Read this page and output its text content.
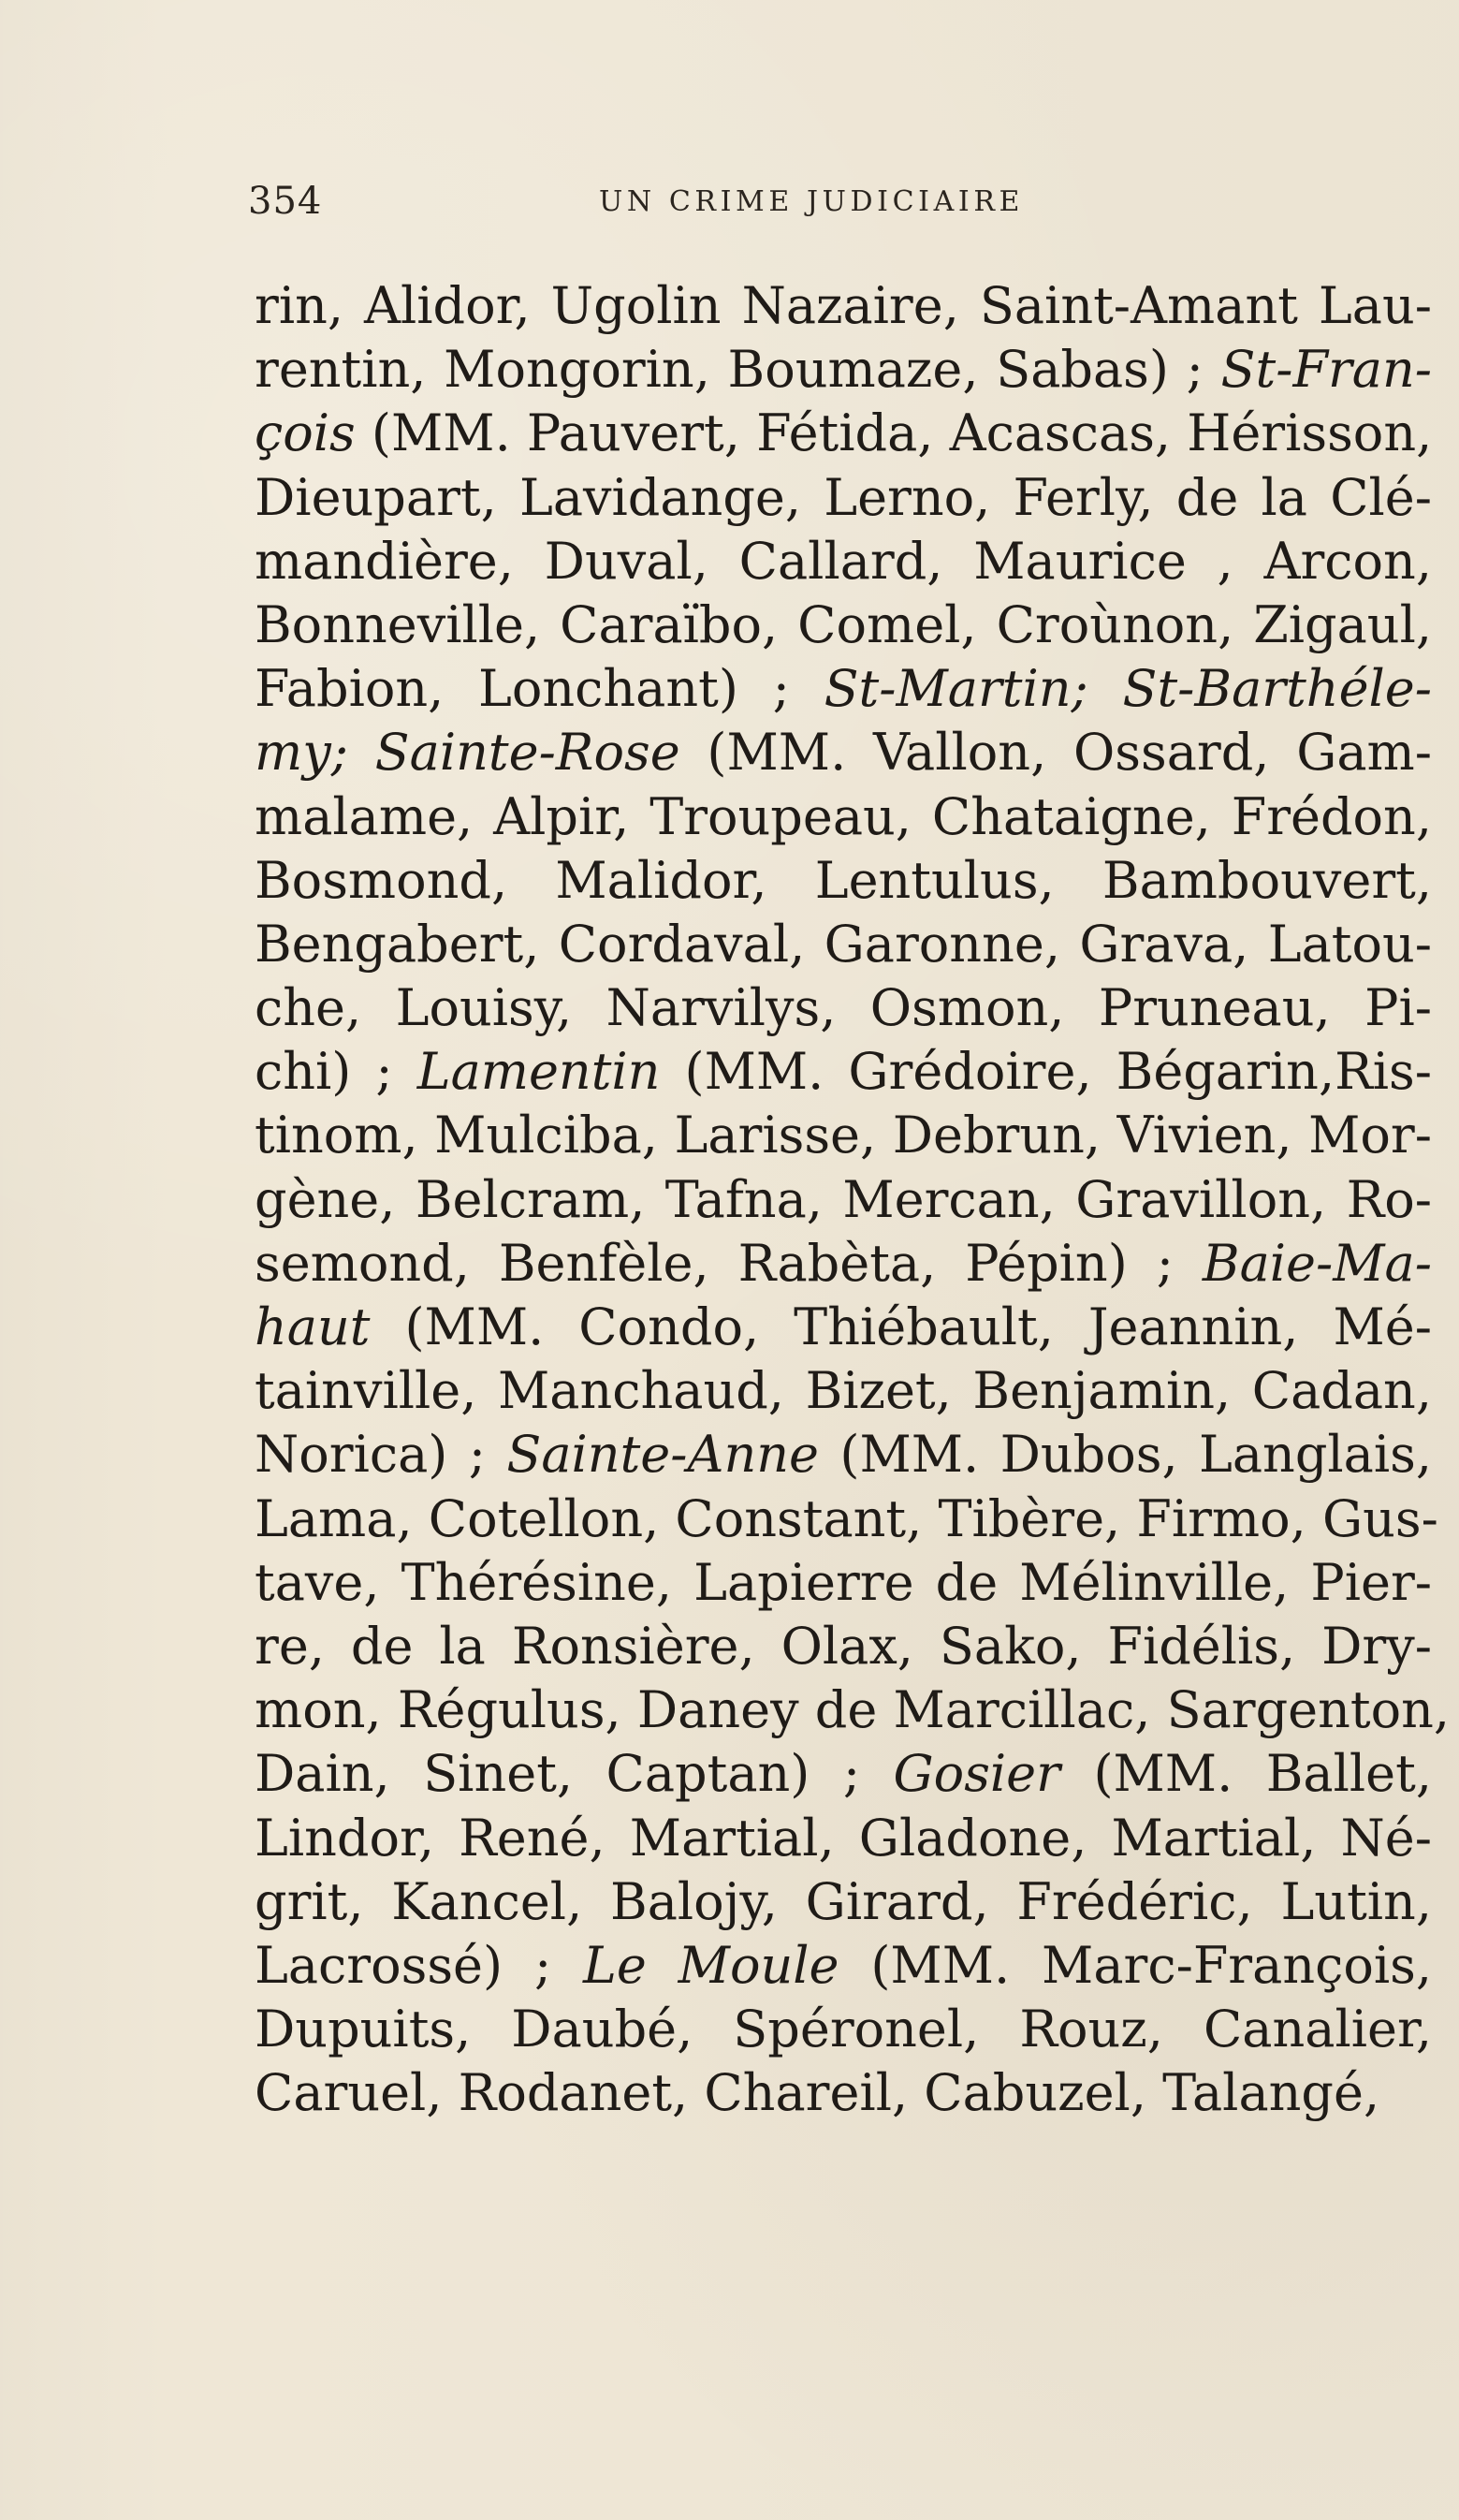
354	UN CRIME JUDICIAIRE
rin, Alidor, Ugolin Nazaire, Saint-Amant Lau-
rentin, Mongorin, Boumaze, Sabas) ; St-Fran-
çois (MM. Pauvert, Fétida, Acascas, Hérisson,
Dieupart, Lavidange, Lerno, Ferly, de la Clé-
mandière, Duval, Callard, Maurice , Arcon,
Bonneville, Caraïbo, Comel, Croùnon, Zigaul,
Fabion, Lonchant) ; St-Martin; St-Barthéle-
my; Sainte-Rose (MM. Vallon, Ossard, Gam-
malame, Alpir, Troupeau, Chataigne, Frédon,
Bosmond, Malidor, Lentulus, Bambouvert,
Bengabert, Cordaval, Garonne, Grava, Latou-
che, Louisy, Narvilys, Osmon, Pruneau, Pi-
chi) ; Lamentin (MM. Grédoire, Bégarin,Ris-
tinom, Mulciba, Larisse, Debrun, Vivien, Mor-
gène, Belcram, Tafna, Mercan, Gravillon, Ro-
semond, Benfèle, Rabèta, Pépin) ; Baie-Ma-
haut (MM. Condo, Thiébault, Jeannin, Mé-
tainville, Manchaud, Bizet, Benjamin, Cadan,
Norica) ; Sainte-Anne (MM. Dubos, Langlais,
Lama, Cotellon, Constant, Tibère, Firmo, Gus-
tave, Thérésine, Lapierre de Mélinville, Pier-
re, de la Ronsière, Olax, Sako, Fidélis, Dry-
mon, Régulus, Daney de Marcillac, Sargenton,
Dain, Sinet, Captan) ; Gosier (MM. Ballet,
Lindor, René, Martial, Gladone, Martial, Né-
grit, Kancel, Balojy, Girard, Frédéric, Lutin,
Lacrossé) ; Le Moule (MM. Marc-François,
Dupuits, Daubé, Spéronel, Rouz, Canalier,
Caruel, Rodanet, Chareil, Cabuzel, Talangé,
